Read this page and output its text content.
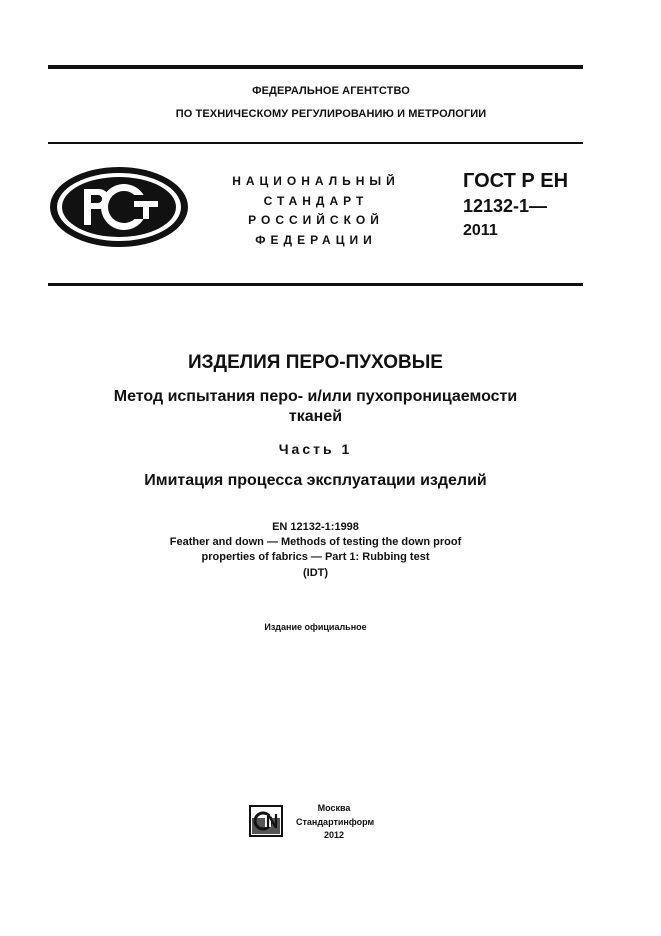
ФЕДЕРАЛЬНОЕ АГЕНТСТВО
ПО ТЕХНИЧЕСКОМУ РЕГУЛИРОВАНИЮ И МЕТРОЛОГИИ
НАЦИОНАЛЬНЫЙ
СТАНДАРТ
РОССИЙСКОЙ
ФЕДЕРАЦИИ
ГОСТ Р ЕН
12132-1—
2011
ИЗДЕЛИЯ ПЕРО-ПУХОВЫЕ
Метод испытания перо- и/или пухопроницаемости
тканей
Часть 1
Имитация процесса эксплуатации изделий
EN 12132-1:1998
Feather and down — Methods of testing the down proof
properties of fabrics — Part 1: Rubbing test
(IDT)
Издание официальное
Москва
Стандартинформ
2012
